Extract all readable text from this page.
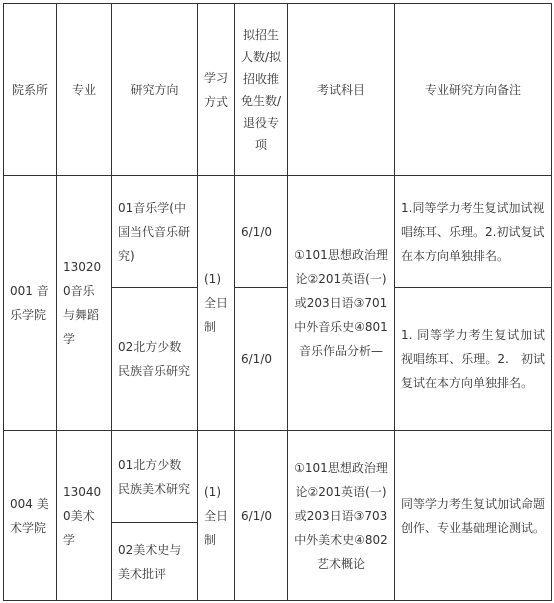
院系所	专业	研究方向	学习方式	拟招生人数/拟招收推免生数/退役专项	考试科目	专业研究方向备注
001 音乐学院	130200音乐与舞蹈学	01音乐学(中国当代音乐研究)	(1)全日制	6/1/0	①101思想政治理论②201英语(一)或203日语③701中外音乐史④801音乐作品分析—	1.同等学力考生复试加试视唱练耳、乐理。2.初试复试在本方向单独排名。
		02北方少数民族音乐研究		6/1/0		1. 同等学力考生复试加试视唱练耳、乐理。2.　初试复试在本方向单独排名。
004 美术学院	130400美术学	01北方少数民族美术研究	(1)全日制	6/1/0	①101思想政治理论②201英语(一)或203日语③703中外美术史④802艺术概论	同等学力考生复试加试命题创作、专业基础理论测试。
		02美术史与美术批评				
